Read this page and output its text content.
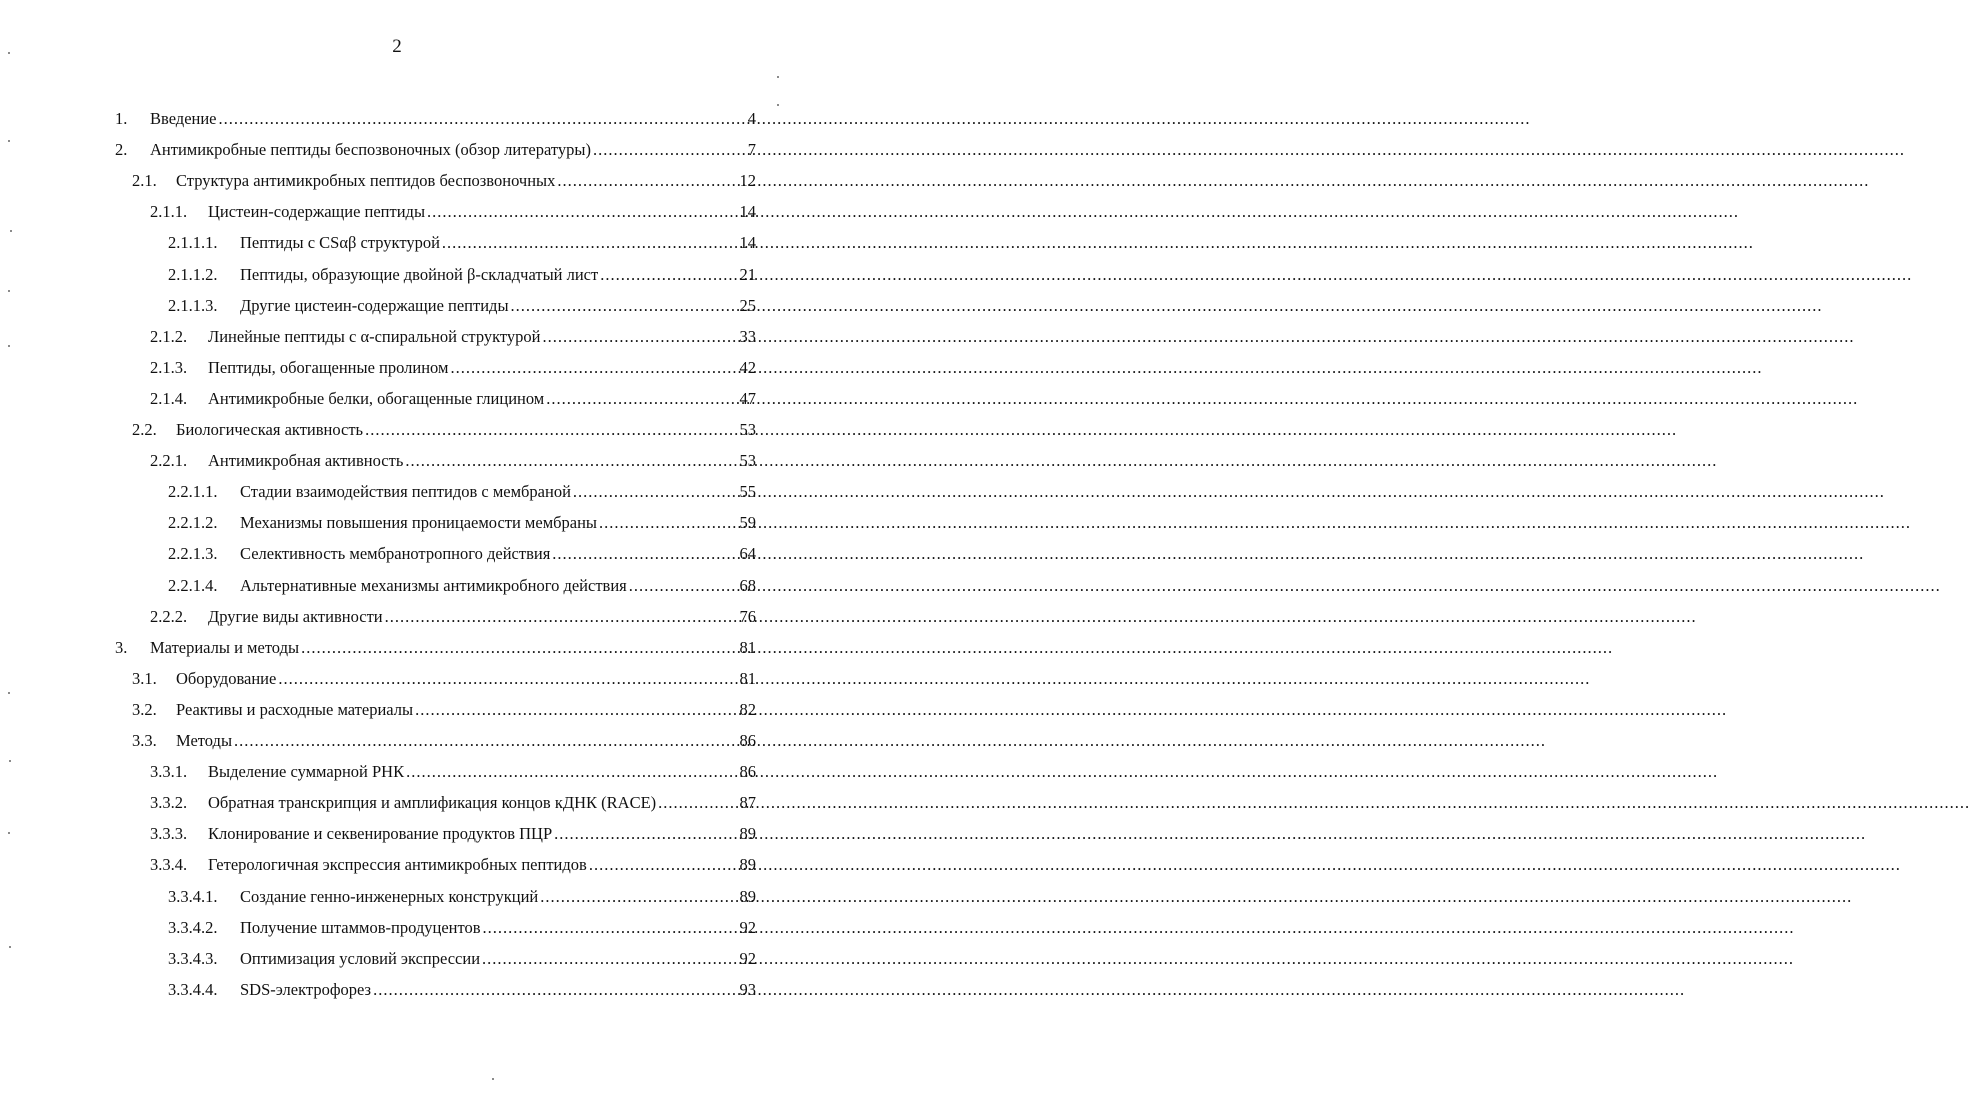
2
1.	Введение .....	4
2.	Антимикробные пептиды беспозвоночных (обзор литературы) .....	7
2.1.	Структура антимикробных пептидов беспозвоночных .....	12
2.1.1.	Цистеин-содержащие пептиды .....	14
2.1.1.1.	Пептиды с CSαβ структурой .....	14
2.1.1.2.	Пептиды, образующие двойной β-складчатый лист .....	21
2.1.1.3.	Другие цистеин-содержащие пептиды .....	25
2.1.2.	Линейные пептиды с α-спиральной структурой .....	33
2.1.3.	Пептиды, обогащенные пролином .....	42
2.1.4.	Антимикробные белки, обогащенные глицином .....	47
2.2.	Биологическая активность .....	53
2.2.1.	Антимикробная активность .....	53
2.2.1.1.	Стадии взаимодействия пептидов с мембраной .....	55
2.2.1.2.	Механизмы повышения проницаемости мембраны .....	59
2.2.1.3.	Селективность мембранотропного действия .....	64
2.2.1.4.	Альтернативные механизмы антимикробного действия .....	68
2.2.2.	Другие виды активности .....	76
3.	Материалы и методы .....	81
3.1.	Оборудование .....	81
3.2.	Реактивы и расходные материалы .....	82
3.3.	Методы .....	86
3.3.1.	Выделение суммарной РНК .....	86
3.3.2.	Обратная транскрипция и амплификация концов кДНК (RACE) .....	87
3.3.3.	Клонирование и секвенирование продуктов ПЦР .....	89
3.3.4.	Гетерологичная экспрессия антимикробных пептидов .....	89
3.3.4.1.	Создание генно-инженерных конструкций .....	89
3.3.4.2.	Получение штаммов-продуцентов .....	92
3.3.4.3.	Оптимизация условий экспрессии .....	92
3.3.4.4.	SDS-электрофорез .....	93
